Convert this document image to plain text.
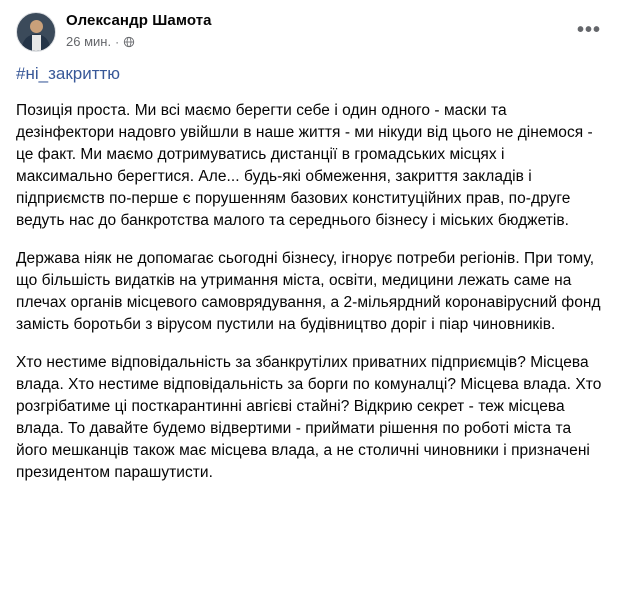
Олександр Шамота
26 мин. ·
•••
#ні_закриттю

Позиція проста. Ми всі маємо берегти себе і один одного - маски та дезінфектори надовго увійшли в наше життя - ми нікуди від цього не дінемося - це факт. Ми маємо дотримуватись дистанції в громадських місцях і максимально берегтися. Але... будь-які обмеження, закриття закладів і підприємств по-перше є порушенням базових конституційних прав, по-друге ведуть нас до банкротства малого та середнього бізнесу і міських бюджетів.

Держава ніяк не допомагає сьогодні бізнесу, ігнорує потреби регіонів. При тому, що більшість видатків на утримання міста, освіти, медицини лежать саме на плечах органів місцевого самоврядування, а 2-мільярдний коронавірусний фонд замість боротьби з вірусом пустили на будівництво доріг і піар чиновників.

Хто нестиме відповідальність за збанкрутілих приватних підприємців? Місцева влада. Хто нестиме відповідальність за борги по комуналці? Місцева влада. Хто розгрібатиме ці посткарантинні авгієві стайні? Відкрию секрет - теж місцева влада. То давайте будемо відвертими - приймати рішення по роботі міста та його мешканців також має місцева влада, а не столичні чиновники і призначені президентом парашутисти.
